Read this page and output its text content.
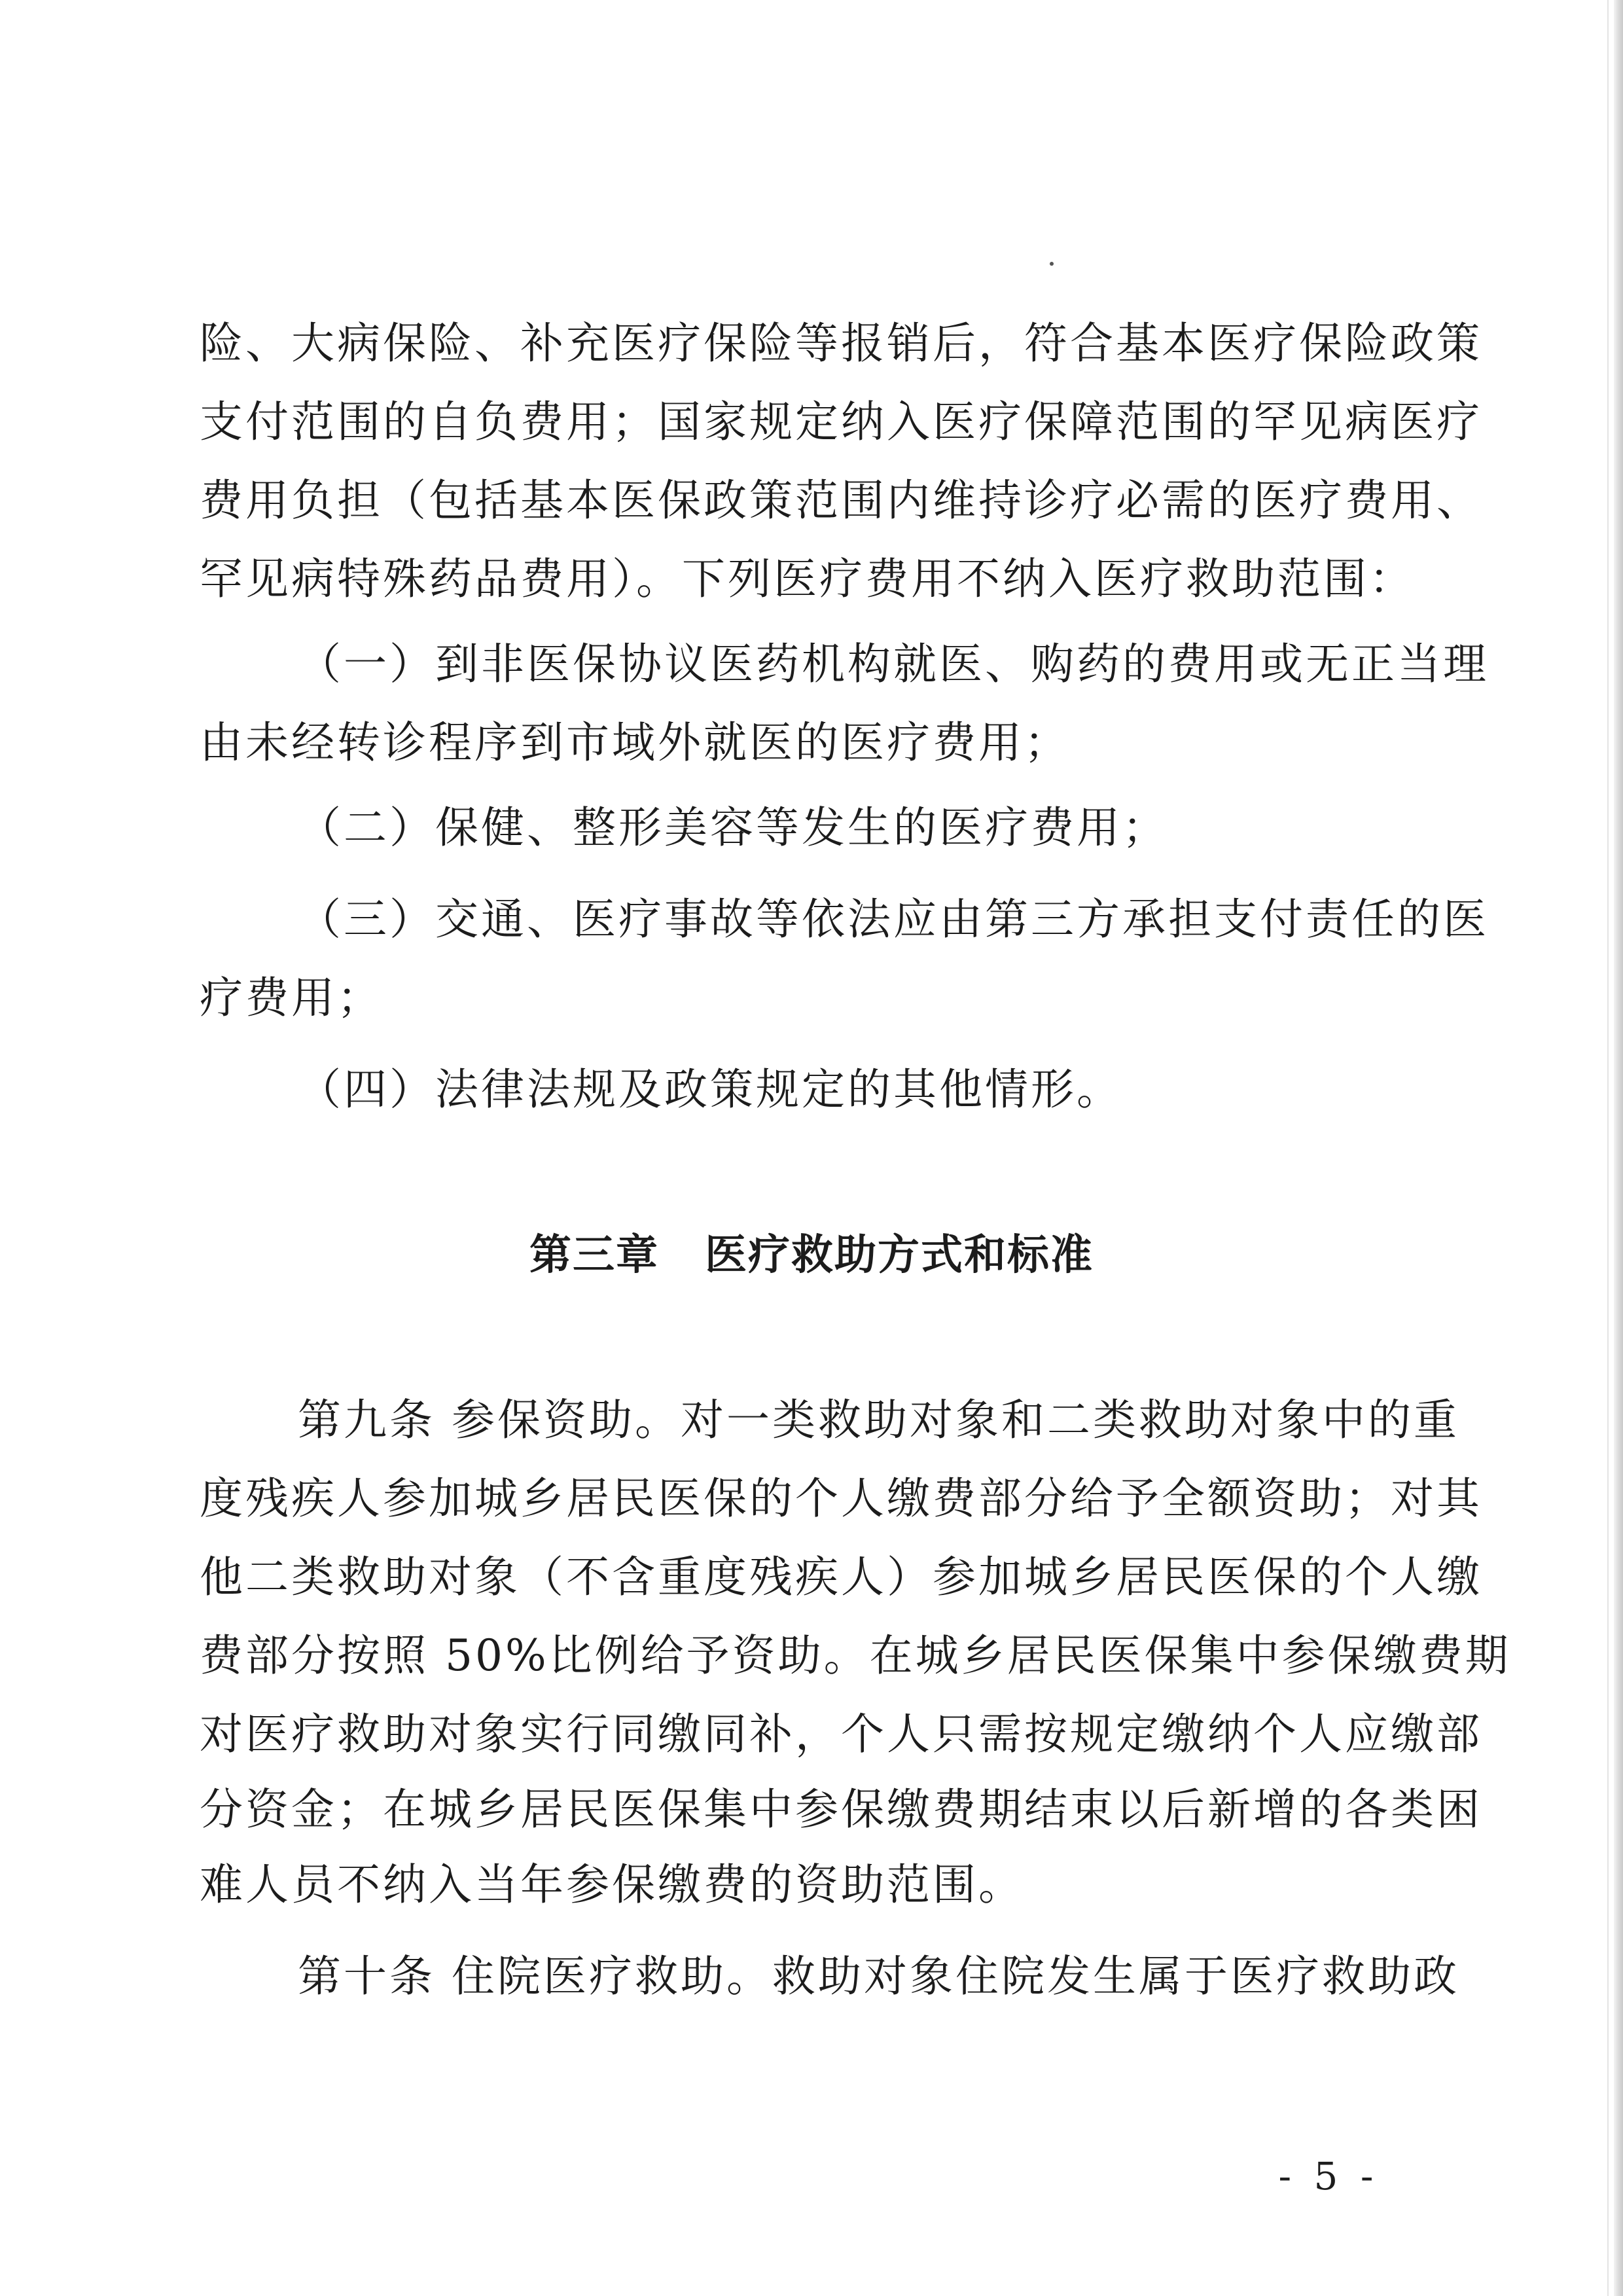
险、大病保险、补充医疗保险等报销后，符合基本医疗保险政策
支付范围的自负费用；国家规定纳入医疗保障范围的罕见病医疗
费用负担（包括基本医保政策范围内维持诊疗必需的医疗费用、
罕见病特殊药品费用）。下列医疗费用不纳入医疗救助范围：
（一）到非医保协议医药机构就医、购药的费用或无正当理
由未经转诊程序到市域外就医的医疗费用；
（二）保健、整形美容等发生的医疗费用；
（三）交通、医疗事故等依法应由第三方承担支付责任的医
疗费用；
（四）法律法规及政策规定的其他情形。
第三章 医疗救助方式和标准
第九条 参保资助。对一类救助对象和二类救助对象中的重
度残疾人参加城乡居民医保的个人缴费部分给予全额资助；对其
他二类救助对象（不含重度残疾人）参加城乡居民医保的个人缴
费部分按照 50%比例给予资助。在城乡居民医保集中参保缴费期
对医疗救助对象实行同缴同补，个人只需按规定缴纳个人应缴部
分资金；在城乡居民医保集中参保缴费期结束以后新增的各类困
难人员不纳入当年参保缴费的资助范围。
第十条 住院医疗救助。救助对象住院发生属于医疗救助政
- 5 -
